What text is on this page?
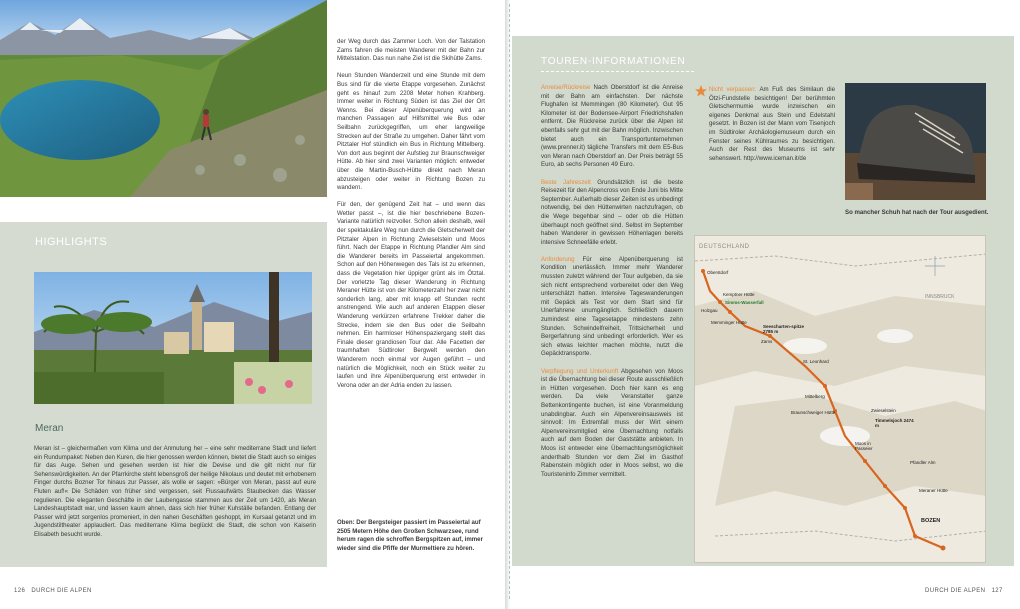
der Weg durch das Zammer Loch. Von der Talstation Zams fahren die meisten Wanderer mit der Bahn zur Mittelstation. Das nun nahe Ziel ist die Skihütte Zams.

Neun Stunden Wanderzeit und eine Stunde mit dem Bus sind für die vierte Etappe vorgesehen. Zunächst geht es hinauf zum 2208 Meter hohen Krahberg. Immer weiter in Richtung Süden ist das Ziel der Ort Wenns. Bei dieser Alpenüberquerung wird an manchen Passagen auf Hilfsmittel wie Bus oder Seilbahn zurückgegriffen, um eher langweilige Strecken auf der Straße zu umgehen. Daher fährt vom Pitztaler Hof stündlich ein Bus in Richtung Mittelberg. Von dort aus beginnt der Aufstieg zur Braunschweiger Hütte. Ab hier sind zwei Varianten möglich: entweder über die Martin-Busch-Hütte direkt nach Meran abzusteigen oder weiter in Richtung Bozen zu wandern.

Für den, der genügend Zeit hat – und wenn das Wetter passt –, ist die hier beschriebene Bozen-Variante natürlich reizvoller. Schon allein deshalb, weil der spektakuläre Weg nun durch die Gletscherwelt der Pitztaler Alpen in Richtung Zwieselstein und Moos führt. Nach der Etappe in Richtung Pfandler Alm sind die Wanderer bereits im Passeiertal angekommen. Schon auf den Höhenwegen des Tals ist zu erkennen, dass die Vegetation hier üppiger grünt als im Ötztal. Der vorletzte Tag dieser Wanderung in Richtung Meraner Hütte ist von der Kilometerzahl her zwar nicht sonderlich lang, aber mit knapp elf Stunden recht anstrengend. Wie auch auf anderen Etappen dieser Wanderung verkürzen erfahrene Trekker daher die Strecke, indem sie den Bus oder die Seilbahn nehmen. Ein harmloser Höhenspaziergang stellt das Finale dieser grandiosen Tour dar. Alle Facetten der traumhaften Südtiroler Bergwelt werden den Wanderern noch einmal vor Augen geführt – und natürlich die Möglichkeit, noch ein Stück weiter zu laufen und ihre Alpenüberquerung erst entweder in Verona oder an der Adria enden zu lassen.

Oben: Der Bergsteiger passiert im Passeiertal auf 2505 Metern Höhe den Großen Schwarzsee, rund herum ragen die schroffen Bergspitzen auf, immer wieder sind die Pfiffe der Murmeltiere zu hören.
HIGHLIGHTS
Meran
Meran ist – gleichermaßen vom Klima und der Anmutung her – eine sehr mediterrane Stadt und liefert ein Rundumpaket: Neben den Kuren, die hier genossen werden können, bietet die Stadt auch so einiges für das Auge. Sehen und gesehen werden ist hier die Devise und die gilt nicht nur für Sehenswürdigkeiten. An der Pfarrkirche steht lebensgroß der heilige Nikolaus und deutet mit erhobenem Finger durchs Bozner Tor hinaus zur Passer, als wolle er sagen: »Bürger von Meran, passt auf eure Fluten auf!« Die Schäden von früher sind vergessen, seit Flussaufwärts Staubecken das Wasser regulieren. Die eleganten Geschäfte in der Laubengasse stammen aus der Zeit um 1420, als Meran Landeshauptstadt war, und lassen kaum ahnen, dass sich hier früher Kuhställe befanden. Entlang der Passer wird jetzt sorgenlos promeniert, in den nahen Geschäften geshoppt, im Kursaal getanzt und im Jugendstiltheater applaudiert. Das mediterrane Klima beglückt die Stadt, die schon von Kaiserin Elisabeth besucht wurde.
126 DURCH DIE ALPEN
TOUREN-INFORMATIONEN

Anreise/Rückreise Nach Oberstdorf ist die Anreise mit der Bahn am einfachsten. Der nächste Flughafen ist Memmingen (80 Kilometer). Gut 95 Kilometer ist der Bodensee-Airport Friedrichshafen entfernt. Die Rückreise zurück über die Alpen ist ebenfalls sehr gut mit der Bahn möglich. Inzwischen bietet auch ein Transportunternehmen (www.prenner.it) tägliche Transfers mit dem E5-Bus von Meran nach Oberstdorf an. Der Preis beträgt 55 Euro, ab sechs Personen 49 Euro.

Beste Jahreszeit Grundsätzlich ist die beste Reisezeit für den Alpencross von Ende Juni bis Mitte September. Außerhalb dieser Zeiten ist es unbedingt notwendig, bei den Hüttenwirten nachzufragen, ob die Wege begehbar sind – oder ob die Hütten überhaupt noch geöffnet sind. Selbst im September haben Wanderer in gewissen Höhenlagen bereits intensive Schneefälle erlebt.

Anforderung Für eine Alpenüberquerung ist Kondition unerlässlich. Immer mehr Wanderer mussten zuletzt während der Tour aufgeben, da sie sich nicht entsprechend vorbereitet oder den Weg unterschätzt hatten. Intensive Tageswanderungen mit Gepäck als Test vor dem Start sind für Unerfahrene unumgänglich. Schließlich dauern zumindest eine Tagesetappe mindestens zehn Stunden. Schwindelfreiheit, Trittsicherheit und Bergerfahrung sind unbedingt erforderlich. Wer es sich etwas leichter machen möchte, nutzt die Gepäcktransporte.

Verpflegung und Unterkunft Abgesehen von Moos ist die Übernachtung bei dieser Route ausschließlich in Hütten vorgesehen. Doch hier kann es eng werden. Da viele Veranstalter ganze Bettenkontingente buchen, ist eine Voranmeldung unabdingbar. Auch ein Alpenvereinsausweis ist sinnvoll: Im Extremfall muss der Wirt einem Alpenvereinsmitglied eine Übernachtung notfalls auch auf dem Boden der Gaststätte anbieten. In Moos ist entweder eine Übernachtungsmöglichkeit anderthalb Stunden vor dem Ziel im Gasthof Rabenstein möglich oder in Moos selbst, wo die Touristeninfo Zimmer vermittelt.

Nicht verpassen: Am Fuß des Similaun die Ötzi-Fundstelle besichtigen! Der berühmten Gletschermumie wurde inzwischen ein eigenes Denkmal aus Stein und Edelstahl gesetzt. In Bozen ist der Mann vom Tisenjoch im Südtiroler Archäologiemuseum durch ein Fenster seines Kühlraumes zu besichtigen. Auch der Rest des Museums ist sehr sehenswert. http://www.iceman.it/de
So mancher Schuh hat nach der Tour ausgedient.
DEUTSCHLAND
Oberstdorf
Kemptner Hütte
Holzgau
Simms-Wasserfall
Memminger Hütte
Seescharten-spitze 2785 m
Zams
INNSBRUCK
St. Leonhard
Mittelberg
Braunschweiger Hütte	Zwieselstein
Timmelsjoch 2474 m
Moos in Passeier
Pfandler Alm
Meraner Hütte
BOZEN
DURCH DIE ALPEN 127
